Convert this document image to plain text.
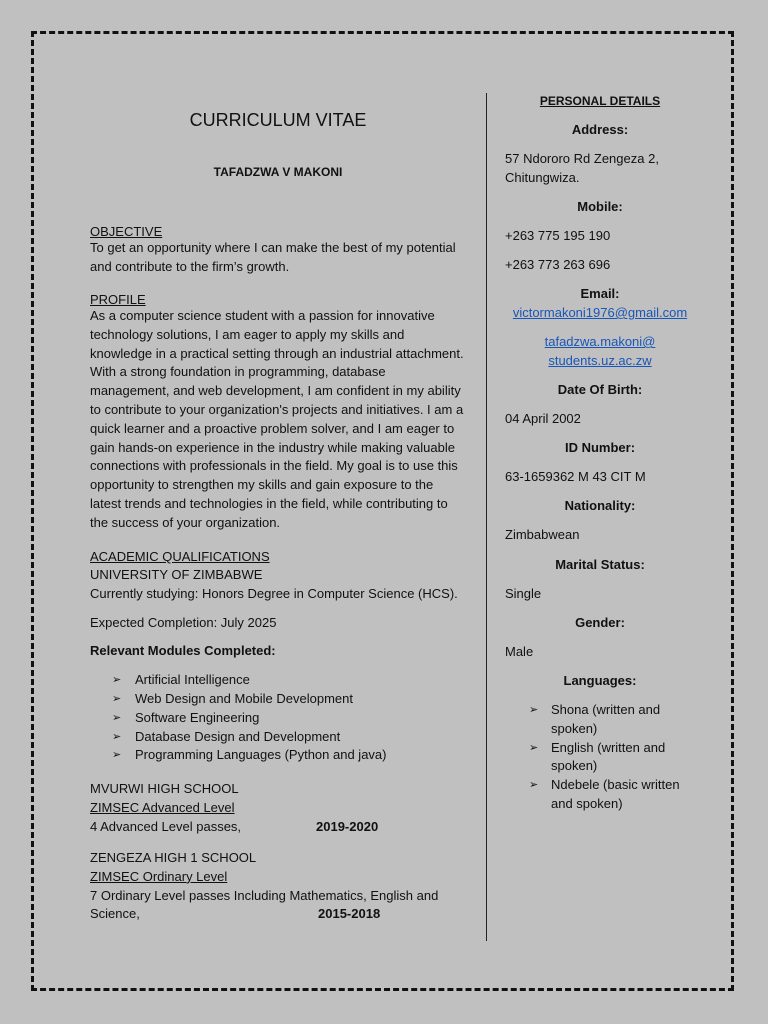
CURRICULUM VITAE
TAFADZWA V MAKONI
OBJECTIVE
To get an opportunity where I can make the best of my potential and contribute to the firm’s growth.
PROFILE
As a computer science student with a passion for innovative technology solutions, I am eager to apply my skills and knowledge in a practical setting through an industrial attachment. With a strong foundation in programming, database management, and web development, I am confident in my ability to contribute to your organization's projects and initiatives. I am a quick learner and a proactive problem solver, and I am eager to gain hands-on experience in the industry while making valuable connections with professionals in the field. My goal is to use this opportunity to strengthen my skills and gain exposure to the latest trends and technologies in the field, while contributing to the success of your organization.
ACADEMIC QUALIFICATIONS
UNIVERSITY OF ZIMBABWE
Currently studying: Honors Degree in Computer Science (HCS).
Expected Completion: July 2025
Relevant Modules Completed:
➢ Artificial Intelligence
➢ Web Design and Mobile Development
➢ Software Engineering
➢ Database Design and Development
➢ Programming Languages (Python and java)
MVURWI HIGH SCHOOL
ZIMSEC Advanced Level
4 Advanced Level passes,	2019-2020
ZENGEZA HIGH 1 SCHOOL
ZIMSEC Ordinary Level
7 Ordinary Level passes Including Mathematics, English and
Science,	2015-2018
PERSONAL DETAILS
Address:
57 Ndororo Rd Zengeza 2,
Chitungwiza.
Mobile:
+263 775 195 190
+263 773 263 696
Email:
victormakoni1976@gmail.com
tafadzwa.makoni@
students.uz.ac.zw
Date Of Birth:
04 April 2002
ID Number:
63-1659362 M 43 CIT M
Nationality:
Zimbabwean
Marital Status:
Single
Gender:
Male
Languages:
➢ Shona (written and
spoken)
➢ English (written and
spoken)
➢ Ndebele (basic written
and spoken)
